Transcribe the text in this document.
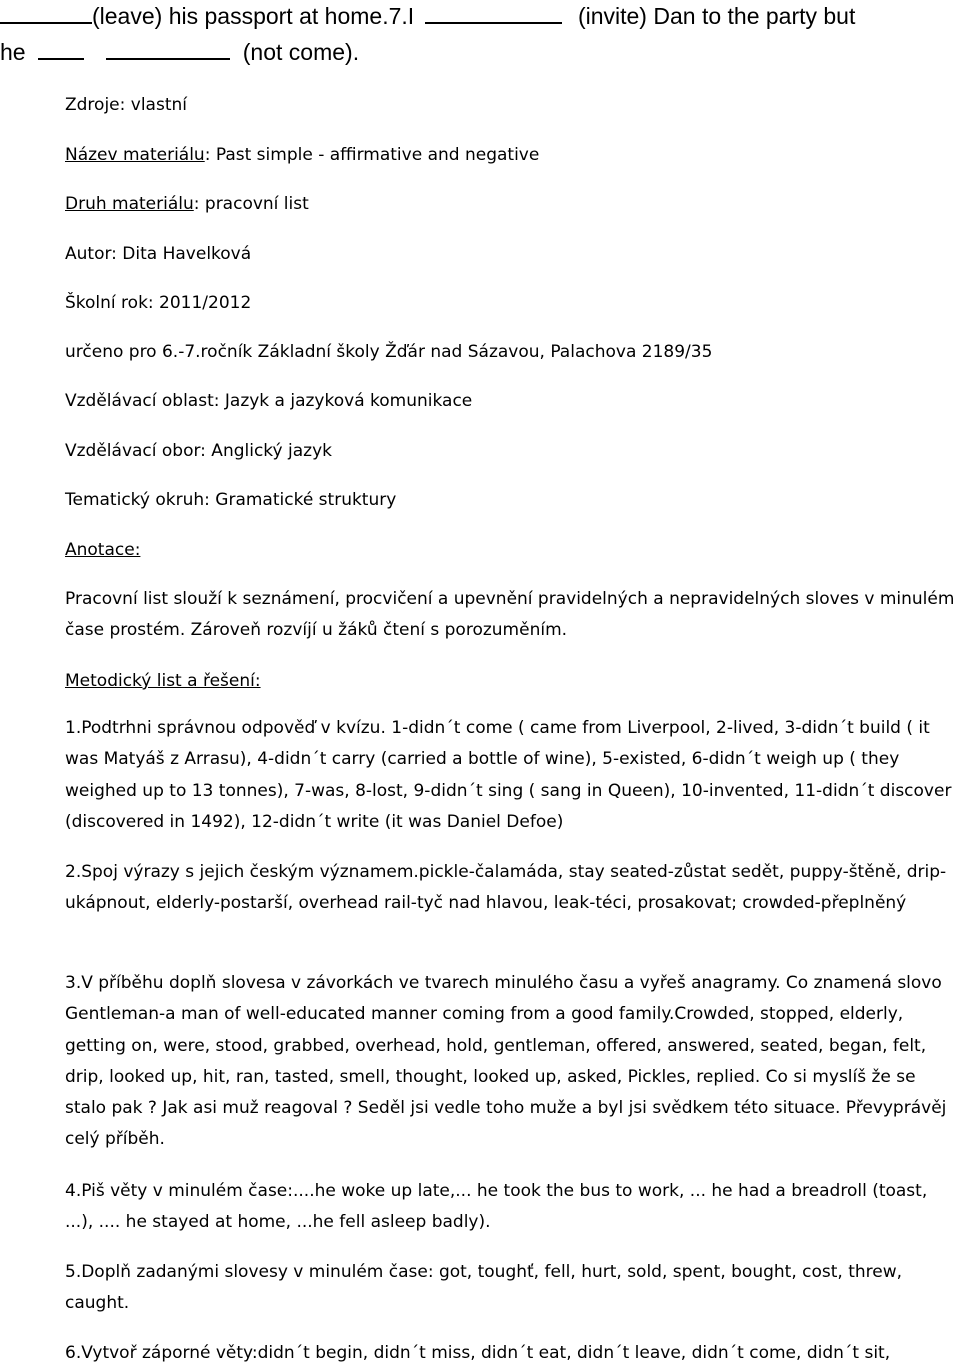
(leave) his passport at home.7.I	(invite) Dan to the party but
he	(not come).
Zdroje: vlastní
Název materiálu: Past simple - affirmative and negative
Druh materiálu: pracovní list
Autor: Dita Havelková
Školní rok: 2011/2012
určeno pro 6.-7.ročník Základní školy Žďár nad Sázavou, Palachova 2189/35
Vzdělávací oblast: Jazyk a jazyková komunikace
Vzdělávací obor: Anglický jazyk
Tematický okruh: Gramatické struktury
Anotace:
Pracovní list slouží k seznámení, procvičení a upevnění pravidelných a nepravidelných sloves v minulém čase prostém. Zároveň rozvíjí u žáků čtení s porozuměním.
Metodický list a řešení:
1.Podtrhni správnou odpověď v kvízu. 1-didn´t come ( came from Liverpool, 2-lived, 3-didn´t build ( it was Matyáš z Arrasu), 4-didn´t carry (carried a bottle of wine), 5-existed, 6-didn´t weigh up ( they weighed up to 13 tonnes), 7-was, 8-lost, 9-didn´t sing ( sang in Queen), 10-invented, 11-didn´t discover (discovered in 1492), 12-didn´t write (it was Daniel Defoe)
2.Spoj výrazy s jejich českým významem.pickle-čalamáda, stay seated-zůstat sedět, puppy-štěně, drip-ukápnout, elderly-postarší, overhead rail-tyč nad hlavou, leak-téci, prosakovat; crowded-přeplněný
3.V příběhu doplň slovesa v závorkách ve tvarech minulého času a vyřeš anagramy. Co znamená slovo Gentleman-a man of well-educated manner coming from a good family.Crowded, stopped, elderly, getting on, were, stood, grabbed, overhead, hold, gentleman, offered, answered, seated, began, felt, drip, looked up, hit, ran, tasted, smell, thought, looked up, asked, Pickles, replied. Co si myslíš že se stalo pak ? Jak asi muž reagoval ? Seděl jsi vedle toho muže a byl jsi svědkem této situace. Převyprávěj celý příběh.
4.Piš věty v minulém čase:....he woke up late,... he took the bus to work, ... he had a breadroll (toast, ...), .... he stayed at home, ...he fell asleep badly).
5.Doplň zadanými slovesy v minulém čase: got, toughť, fell, hurt, sold, spent, bought, cost, threw, caught.
6.Vytvoř záporné věty:didn´t begin, didn´t miss, didn´t eat, didn´t leave, didn´t come, didn´t sit,
